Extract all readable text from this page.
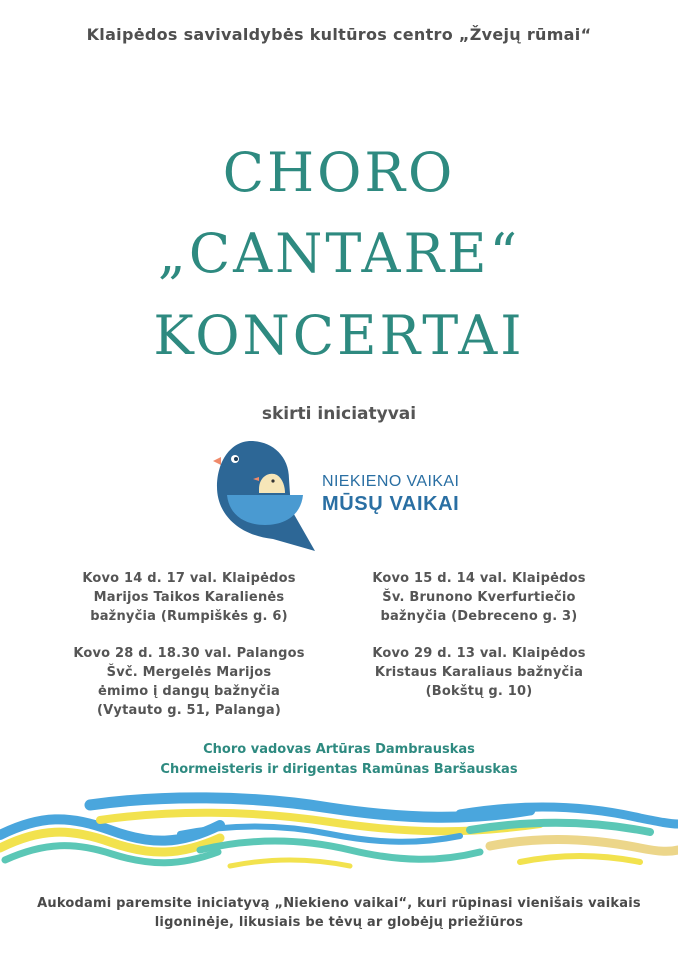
Klaipėdos savivaldybės kultūros centro „Žvejų rūmai“
CHORO
„CANTARE“
KONCERTAI
skirti iniciatyvai
NIEKIENO VAIKAI
MŪSŲ VAIKAI
Kovo 14 d. 17 val. Klaipėdos
Marijos Taikos Karalienės
bažnyčia (Rumpiškės g. 6)
Kovo 15 d. 14 val. Klaipėdos
Šv. Brunono Kverfurtiečio
bažnyčia (Debreceno g. 3)
Kovo 28 d. 18.30 val. Palangos
Švč. Mergelės Marijos
ėmimo į dangų bažnyčia
(Vytauto g. 51, Palanga)
Kovo 29 d. 13 val. Klaipėdos
Kristaus Karaliaus bažnyčia
(Bokštų g. 10)
Choro vadovas Artūras Dambrauskas
Chormeisteris ir dirigentas Ramūnas Baršauskas
Aukodami paremsite iniciatyvą „Niekieno vaikai“, kuri rūpinasi vienišais vaikais
ligoninėje, likusiais be tėvų ar globėjų priežiūros
